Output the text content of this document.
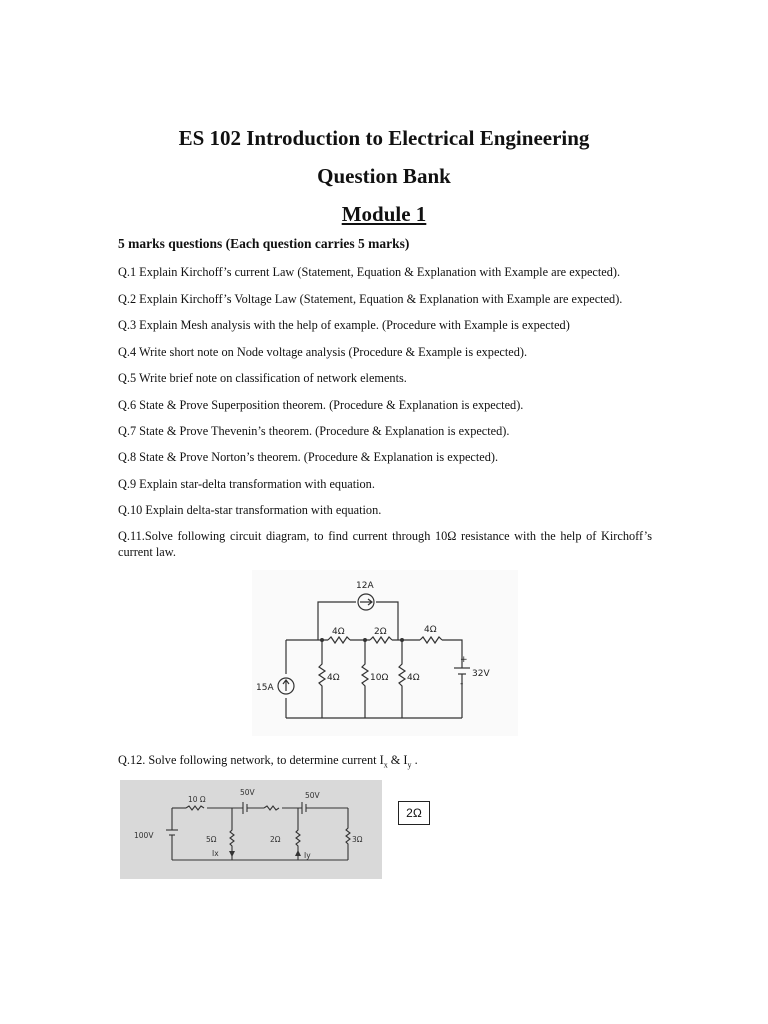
ES 102 Introduction to Electrical Engineering
Question Bank
Module 1
5 marks questions (Each question carries 5 marks)
Q.1 Explain Kirchoff’s current Law (Statement, Equation & Explanation with Example are expected).
Q.2 Explain Kirchoff’s Voltage Law (Statement, Equation & Explanation with Example are expected).
Q.3 Explain Mesh analysis with the help of example. (Procedure with Example is expected)
Q.4 Write short note on Node voltage analysis (Procedure & Example is expected).
Q.5 Write brief note on classification of network elements.
Q.6 State & Prove Superposition theorem. (Procedure & Explanation is expected).
Q.7 State & Prove Thevenin’s theorem. (Procedure & Explanation is expected).
Q.8 State & Prove Norton’s theorem. (Procedure & Explanation is expected).
Q.9 Explain star-delta transformation with equation.
Q.10 Explain delta-star transformation with equation.
Q.11.Solve following circuit diagram, to find current through 10Ω resistance with the help of Kirchoff’s current law.
12A
4Ω	2Ω	4Ω
4Ω	10Ω 4Ω
15A
32V
+
-
Q.12. Solve following network, to determine current $I_x$ & $I_y$ .
10 Ω
50V	50V
100V	5Ω	2Ω	3Ω
Ix	Iy
2Ω
